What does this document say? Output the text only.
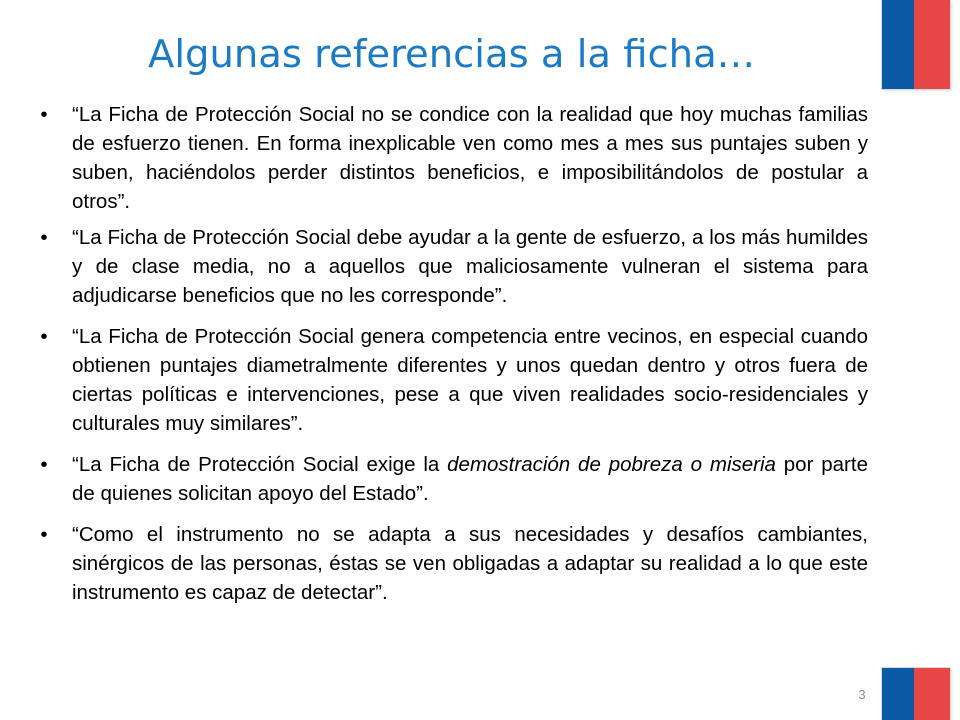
Algunas referencias a la ficha…
• “La Ficha de Protección Social no se condice con la realidad que hoy muchas familias de esfuerzo tienen. En forma inexplicable ven como mes a mes sus puntajes suben y suben, haciéndolos perder distintos beneficios, e imposibilitándolos de postular a otros”.
• “La Ficha de Protección Social debe ayudar a la gente de esfuerzo, a los más humildes y de clase media, no a aquellos que maliciosamente vulneran el sistema para adjudicarse beneficios que no les corresponde”.
• “La Ficha de Protección Social genera competencia entre vecinos, en especial cuando obtienen puntajes diametralmente diferentes y unos quedan dentro y otros fuera de ciertas políticas e intervenciones, pese a que viven realidades socio-residenciales y culturales muy similares”.
• “La Ficha de Protección Social exige la demostración de pobreza o miseria por parte de quienes solicitan apoyo del Estado”.
• “Como el instrumento no se adapta a sus necesidades y desafíos cambiantes, sinérgicos de las personas, éstas se ven obligadas a adaptar su realidad a lo que este instrumento es capaz de detectar”.
3
